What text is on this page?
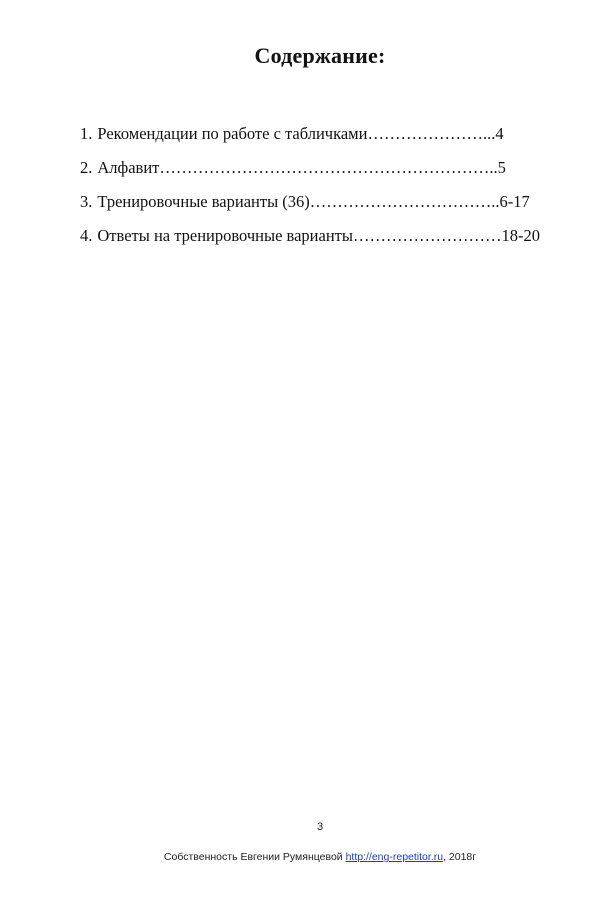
Содержание:
1. Рекомендации по работе с табличками…………………...4
2. Алфавит……………………………………………………..5
3. Тренировочные варианты (36)……………………………..6-17
4. Ответы на тренировочные варианты………………………18-20
3
Собственность Евгении Румянцевой http://eng-repetitor.ru, 2018г
